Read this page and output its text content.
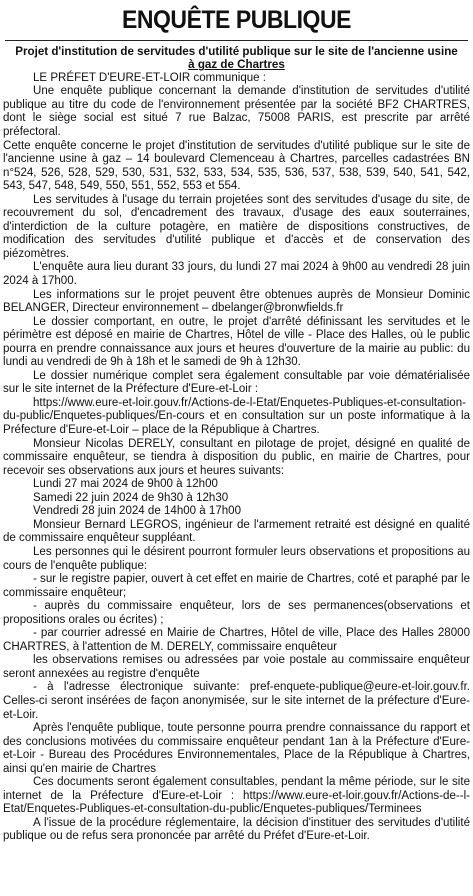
ENQUÊTE PUBLIQUE
Projet d'institution de servitudes d'utilité publique sur le site de l'ancienne usine
à gaz de Chartres

LE PRÉFET D'EURE-ET-LOIR communique :

Une enquête publique concernant la demande d'institution de servitudes d'utilité publique au titre du code de l'environnement présentée par la société BF2 CHARTRES, dont le siège social est situé 7 rue Balzac, 75008 PARIS, est prescrite par arrêté préfectoral.

Cette enquête concerne le projet d'institution de servitudes d'utilité publique sur le site de l'ancienne usine à gaz – 14 boulevard Clemenceau à Chartres, parcelles cadastrées BN n°524, 526, 528, 529, 530, 531, 532, 533, 534, 535, 536, 537, 538, 539, 540, 541, 542, 543, 547, 548, 549, 550, 551, 552, 553 et 554.

Les servitudes à l'usage du terrain projetées sont des servitudes d'usage du site, de recouvrement du sol, d'encadrement des travaux, d'usage des eaux souterraines, d'interdiction de la culture potagère, en matière de dispositions constructives, de modification des servitudes d'utilité publique et d'accès et de conservation des piézomètres.

L'enquête aura lieu durant 33 jours, du lundi 27 mai 2024 à 9h00 au vendredi 28 juin 2024 à 17h00.

Les informations sur le projet peuvent être obtenues auprès de Monsieur Dominic BELANGER, Directeur environnement – dbelanger@bronwfields.fr

Le dossier comportant, en outre, le projet d'arrêté définissant les servitudes et le périmètre est déposé en mairie de Chartres, Hôtel de ville - Place des Halles, où le public pourra en prendre connaissance aux jours et heures d'ouverture de la mairie au public: du lundi au vendredi de 9h à 18h et le samedi de 9h à 12h30.

Le dossier numérique complet sera également consultable par voie dématérialisée sur le site internet de la Préfecture d'Eure-et-Loir :

https://www.eure-et-loir.gouv.fr/Actions-de-l-Etat/Enquetes-Publiques-et-consultation-du-public/Enquetes-publiques/En-cours et en consultation sur un poste informatique à la Préfecture d'Eure-et-Loir – place de la République à Chartres.

Monsieur Nicolas DERELY, consultant en pilotage de projet, désigné en qualité de commissaire enquêteur, se tiendra à disposition du public, en mairie de Chartres, pour recevoir ses observations aux jours et heures suivants:

Lundi 27 mai 2024 de 9h00 à 12h00

Samedi 22 juin 2024 de 9h30 à 12h30

Vendredi 28 juin 2024 de 14h00 à 17h00

Monsieur Bernard LEGROS, ingénieur de l'armement retraité est désigné en qualité de commissaire enquêteur suppléant.

Les personnes qui le désirent pourront formuler leurs observations et propositions au cours de l'enquête publique:

- sur le registre papier, ouvert à cet effet en mairie de Chartres, coté et paraphé par le commissaire enquêteur;

- auprès du commissaire enquêteur, lors de ses permanences(observations et propositions orales ou écrites) ;

- par courrier adressé en Mairie de Chartres, Hôtel de ville, Place des Halles 28000 CHARTRES, à l'attention de M. DERELY, commissaire enquêteur

les observations remises ou adressées par voie postale au commissaire enquêteur seront annexées au registre d'enquête

- à l'adresse électronique suivante: pref-enquete-publique@eure-et-loir.gouv.fr. Celles-ci seront insérées de façon anonymisée, sur le site internet de la préfecture d'Eure-et-Loir.

Après l'enquête publique, toute personne pourra prendre connaissance du rapport et des conclusions motivées du commissaire enquêteur pendant 1an à la Préfecture d'Eure-et-Loir - Bureau des Procédures Environnementales, Place de la République à Chartres, ainsi qu'en mairie de Chartres

Ces documents seront également consultables, pendant la même période, sur le site internet de la Préfecture d'Eure-et-Loir : https://www.eure-et-loir.gouv.fr/Actions-de--l-Etat/Enquetes-Publiques-et-consultation-du-public/Enquetes-publiques/Terminees

A l'issue de la procédure réglementaire, la décision d'instituer des servitudes d'utilité publique ou de refus sera prononcée par arrêté du Préfet d'Eure-et-Loir.
